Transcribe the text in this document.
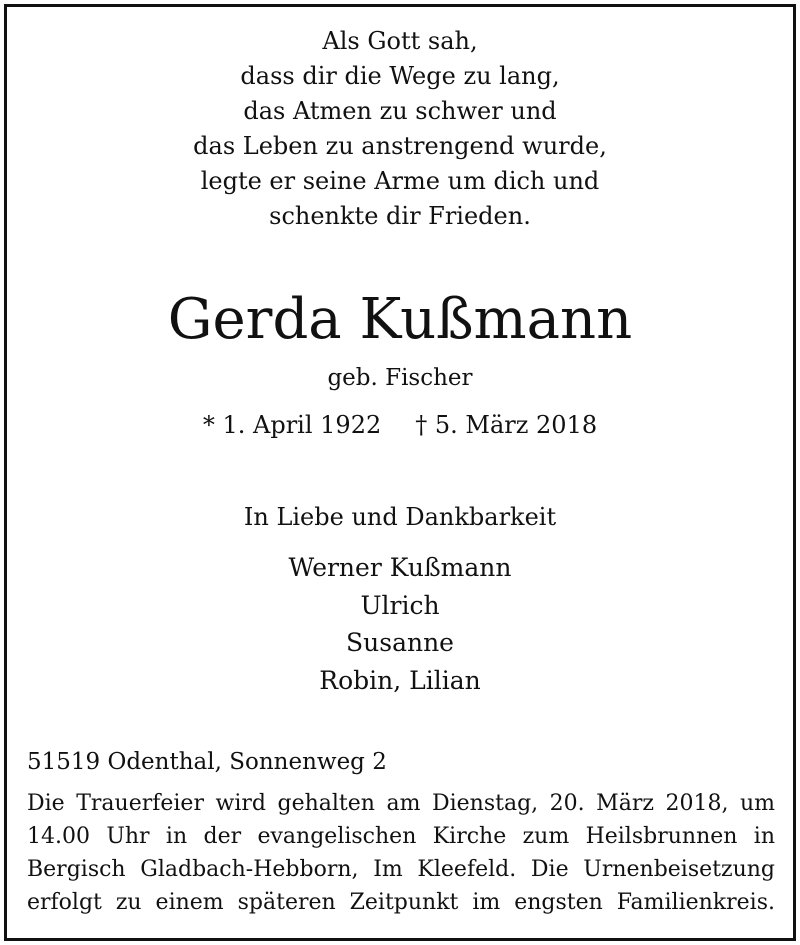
Als Gott sah,
dass dir die Wege zu lang,
das Atmen zu schwer und
das Leben zu anstrengend wurde,
legte er seine Arme um dich und
schenkte dir Frieden.
Gerda Kußmann
geb. Fischer
* 1. April 1922 † 5. März 2018
In Liebe und Dankbarkeit
Werner Kußmann
Ulrich
Susanne
Robin, Lilian
51519 Odenthal, Sonnenweg 2
Die Trauerfeier wird gehalten am Dienstag, 20. März 2018, um
14.00 Uhr in der evangelischen Kirche zum Heilsbrunnen in
Bergisch Gladbach-Hebborn, Im Kleefeld. Die Urnenbeisetzung
erfolgt zu einem späteren Zeitpunkt im engsten Familienkreis.
